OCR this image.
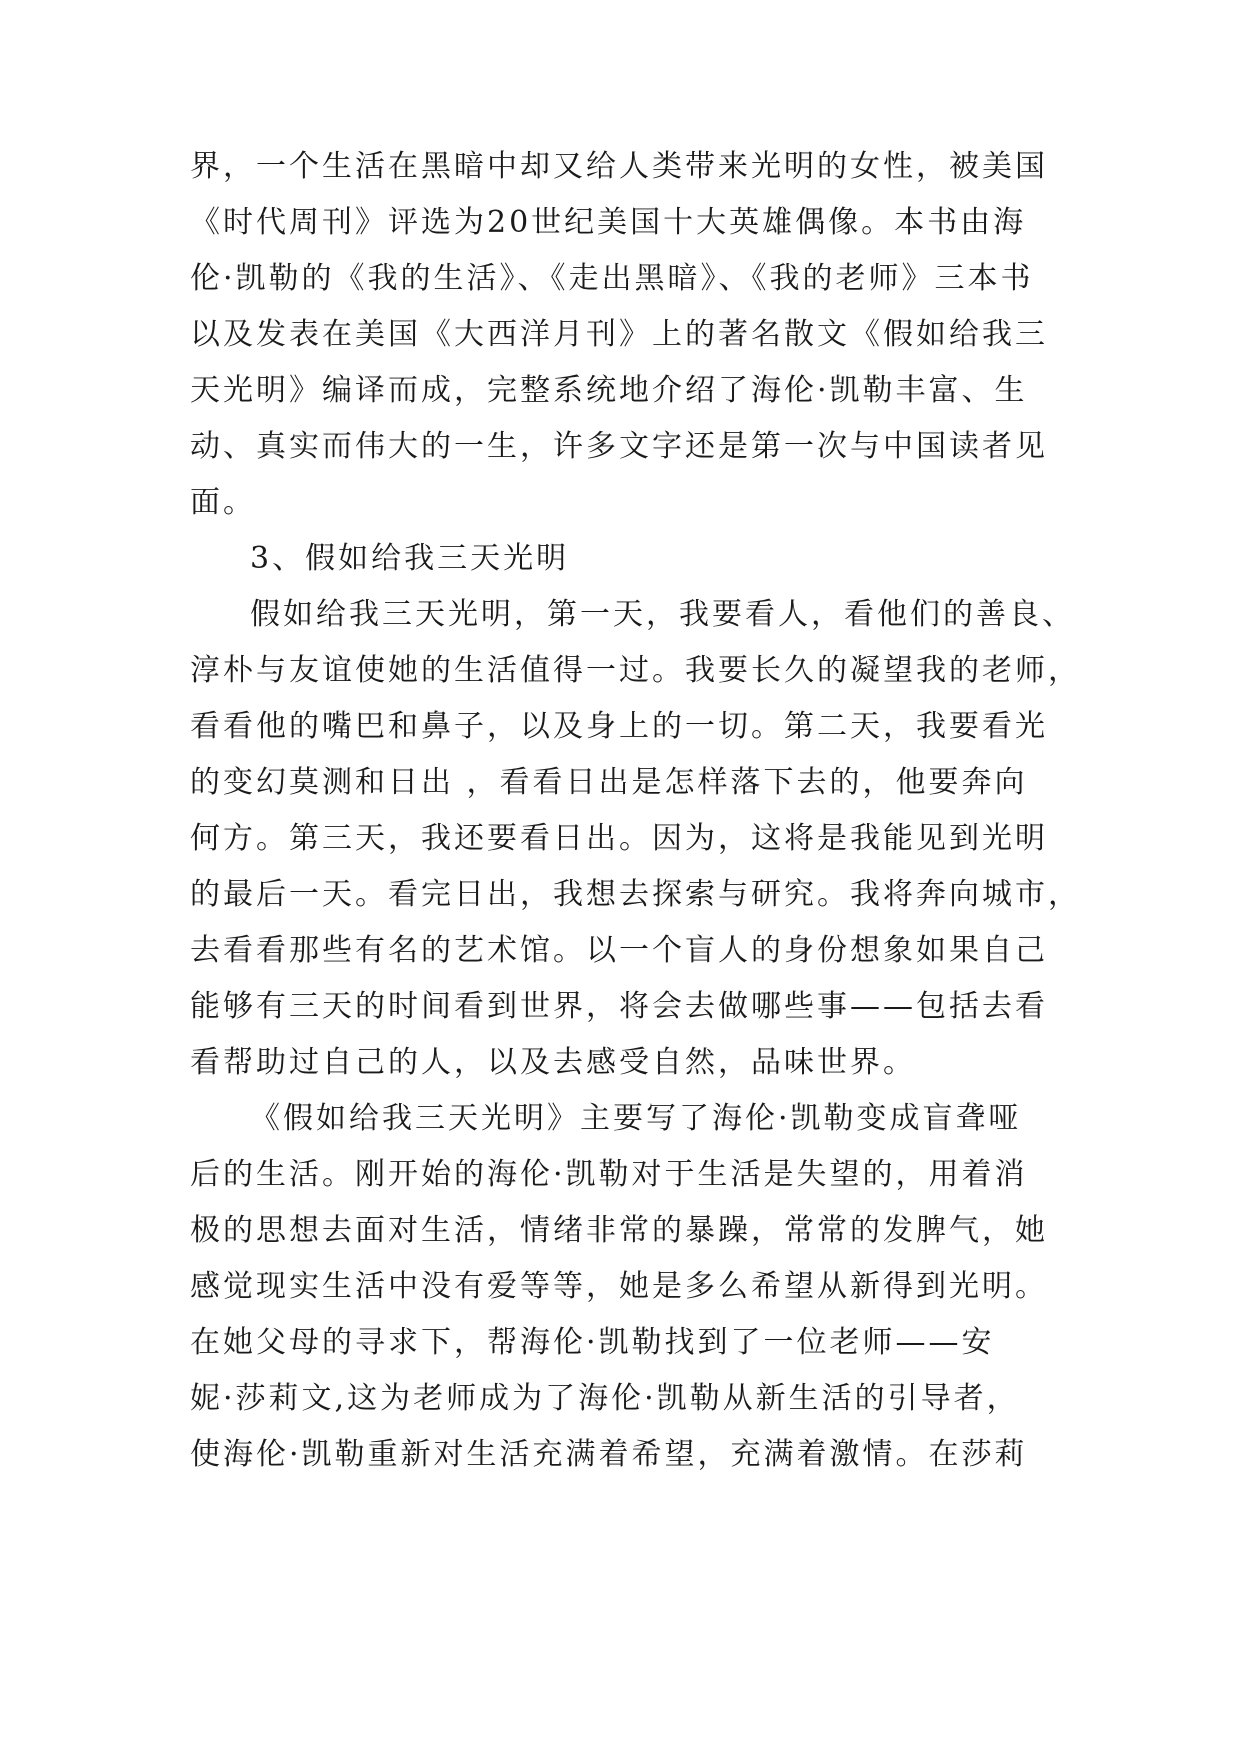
界，一个生活在黑暗中却又给人类带来光明的女性，被美国
《时代周刊》评选为20世纪美国十大英雄偶像。本书由海
伦·凯勒的《我的生活》、《走出黑暗》、《我的老师》三本书
以及发表在美国《大西洋月刊》上的著名散文《假如给我三
天光明》编译而成，完整系统地介绍了海伦·凯勒丰富、生
动、真实而伟大的一生，许多文字还是第一次与中国读者见
面。
3、假如给我三天光明
假如给我三天光明，第一天，我要看人，看他们的善良、
淳朴与友谊使她的生活值得一过。我要长久的凝望我的老师，
看看他的嘴巴和鼻子，以及身上的一切。第二天，我要看光
的变幻莫测和日出 ，看看日出是怎样落下去的，他要奔向
何方。第三天，我还要看日出。因为，这将是我能见到光明
的最后一天。看完日出，我想去探索与研究。我将奔向城市，
去看看那些有名的艺术馆。以一个盲人的身份想象如果自己
能够有三天的时间看到世界，将会去做哪些事——包括去看
看帮助过自己的人，以及去感受自然，品味世界。
《假如给我三天光明》主要写了海伦·凯勒变成盲聋哑
后的生活。刚开始的海伦·凯勒对于生活是失望的，用着消
极的思想去面对生活，情绪非常的暴躁，常常的发脾气，她
感觉现实生活中没有爱等等，她是多么希望从新得到光明。
在她父母的寻求下，帮海伦·凯勒找到了一位老师——安
妮·莎莉文,这为老师成为了海伦·凯勒从新生活的引导者，
使海伦·凯勒重新对生活充满着希望，充满着激情。在莎莉
